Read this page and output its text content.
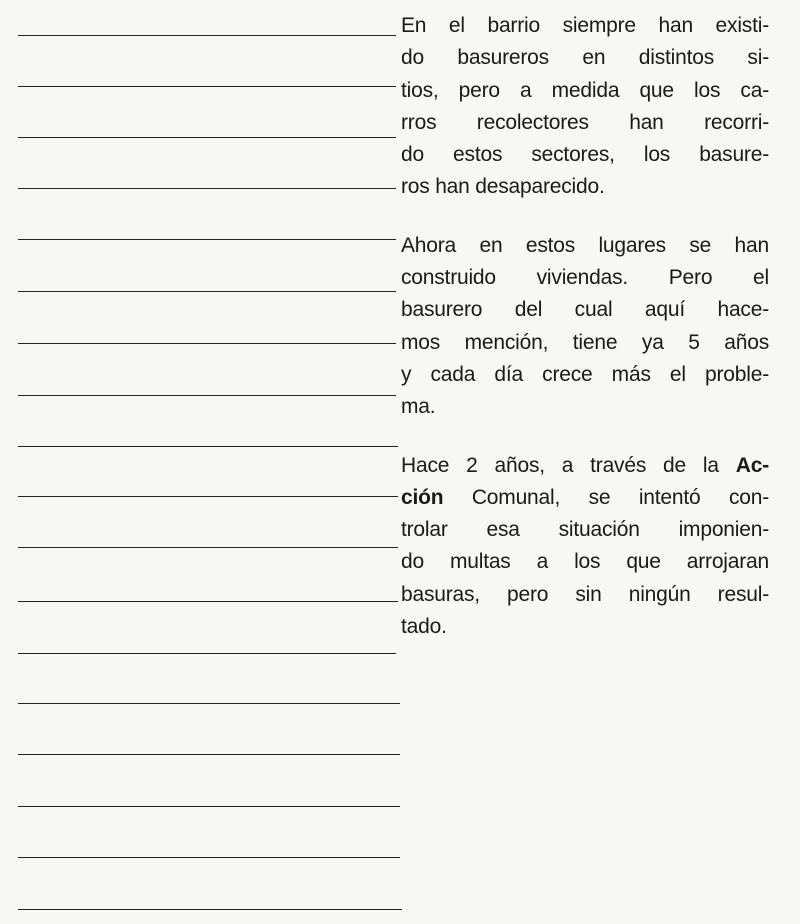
En el barrio siempre han existi-
do basureros en distintos si-
tios, pero a medida que los ca-
rros recolectores han recorri-
do estos sectores, los basure-
ros han desaparecido.

Ahora en estos lugares se han
construido viviendas. Pero el
basurero del cual aquí hace-
mos mención, tiene ya 5 años
y cada día crece más el proble-
ma.

Hace 2 años, a través de la Ac-
ción Comunal, se intentó con-
trolar esa situación imponien-
do multas a los que arrojaran
basuras, pero sin ningún resul-
tado.
